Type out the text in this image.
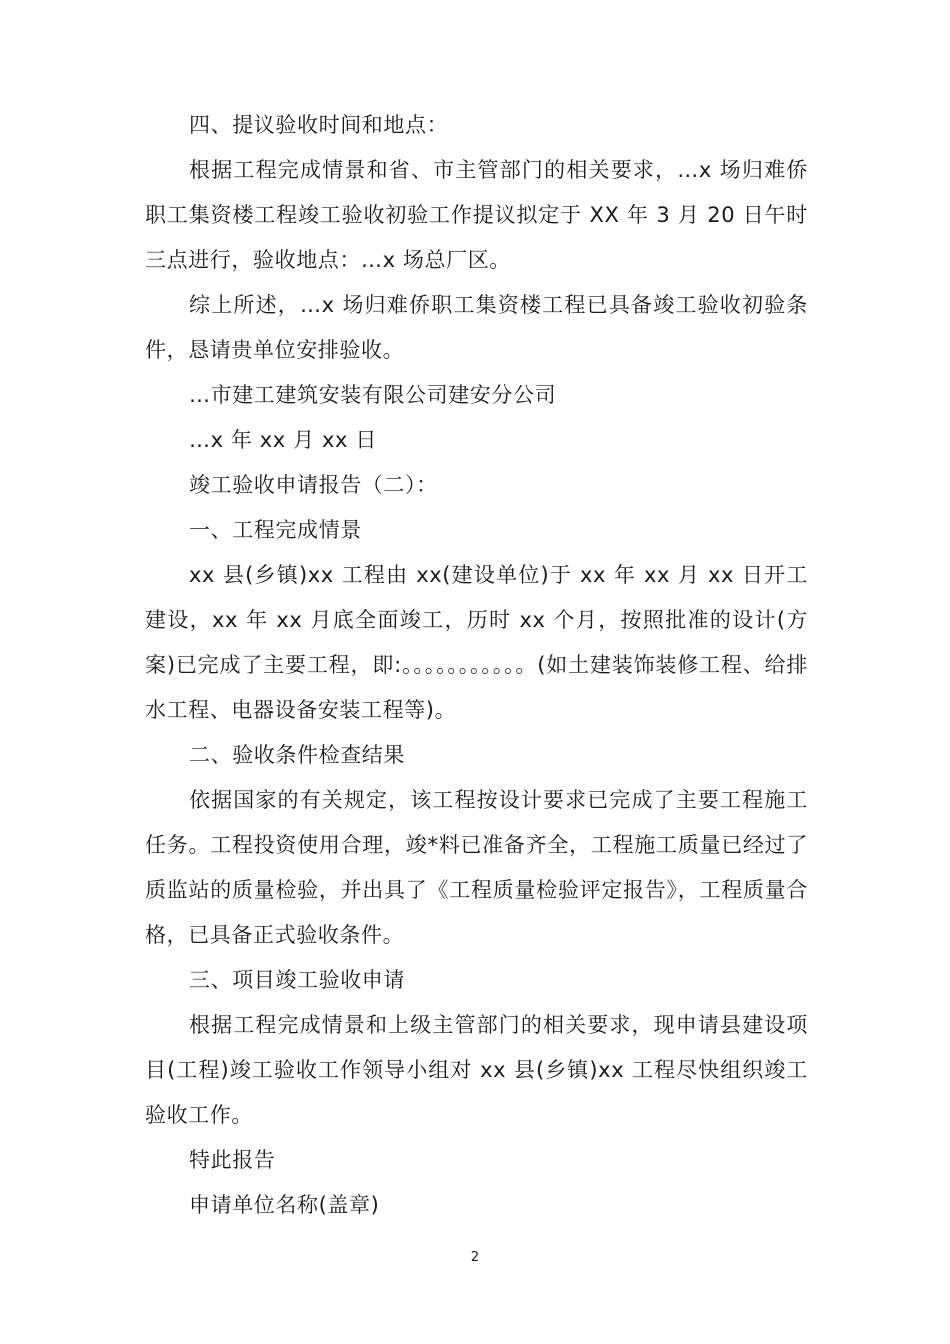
四、提议验收时间和地点：

根据工程完成情景和省、市主管部门的相关要求，…x 场归难侨职工集资楼工程竣工验收初验工作提议拟定于 XX 年 3 月 20 日午时三点进行，验收地点：…x 场总厂区。

综上所述，…x 场归难侨职工集资楼工程已具备竣工验收初验条件，恳请贵单位安排验收。

…市建工建筑安装有限公司建安分公司

…x 年 xx 月 xx 日

竣工验收申请报告（二）：

一、工程完成情景

xx 县(乡镇)xx 工程由 xx(建设单位)于 xx 年 xx 月 xx 日开工建设，xx 年 xx 月底全面竣工，历时 xx 个月，按照批准的设计(方案)已完成了主要工程，即:。。。。。。。。。。。(如土建装饰装修工程、给排水工程、电器设备安装工程等)。

二、验收条件检查结果

依据国家的有关规定，该工程按设计要求已完成了主要工程施工任务。工程投资使用合理，竣*料已准备齐全，工程施工质量已经过了质监站的质量检验，并出具了《工程质量检验评定报告》，工程质量合格，已具备正式验收条件。

三、项目竣工验收申请

根据工程完成情景和上级主管部门的相关要求，现申请县建设项目(工程)竣工验收工作领导小组对 xx 县(乡镇)xx 工程尽快组织竣工验收工作。

特此报告

申请单位名称(盖章)

2
